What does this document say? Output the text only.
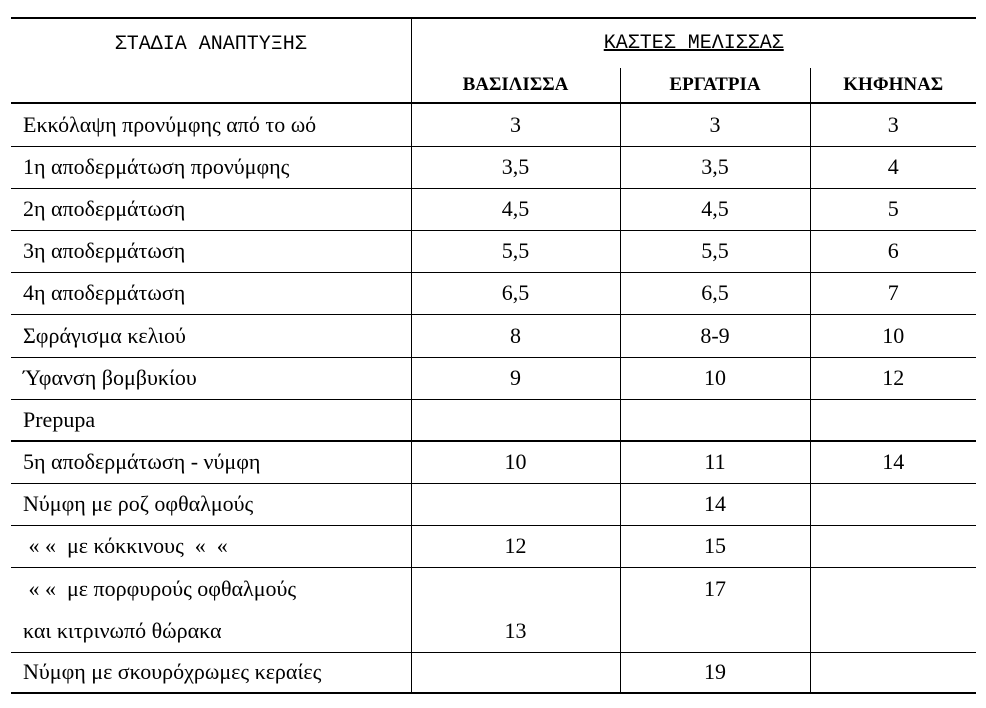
ΣΤΑΔΙΑ ΑΝΑΠΤΥΞΗΣ	ΚΑΣΤΕΣ ΜΕΛΙΣΣΑΣ		
	ΒΑΣΙΛΙΣΣΑ	ΕΡΓΑΤΡΙΑ	ΚΗΦΗΝΑΣ
Εκκόλαψη προνύμφης από το ωό	3	3	3
1η αποδερμάτωση προνύμφης	3,5	3,5	4
2η αποδερμάτωση	4,5	4,5	5
3η αποδερμάτωση	5,5	5,5	6
4η αποδερμάτωση	6,5	6,5	7
Σφράγισμα κελιού	8	8-9	10
Ύφανση βομβυκίου	9	10	12
Prepupa			
5η αποδερμάτωση - νύμφη	10	11	14
Νύμφη με ροζ οφθαλμούς		14	
« «  με κόκκινους  «  «	12	15	

« «  με πορφυρούς οφθαλμούς
και κιτρινωπό θώρακα	13	17	
Νύμφη με σκουρόχρωμες κεραίες		19	
